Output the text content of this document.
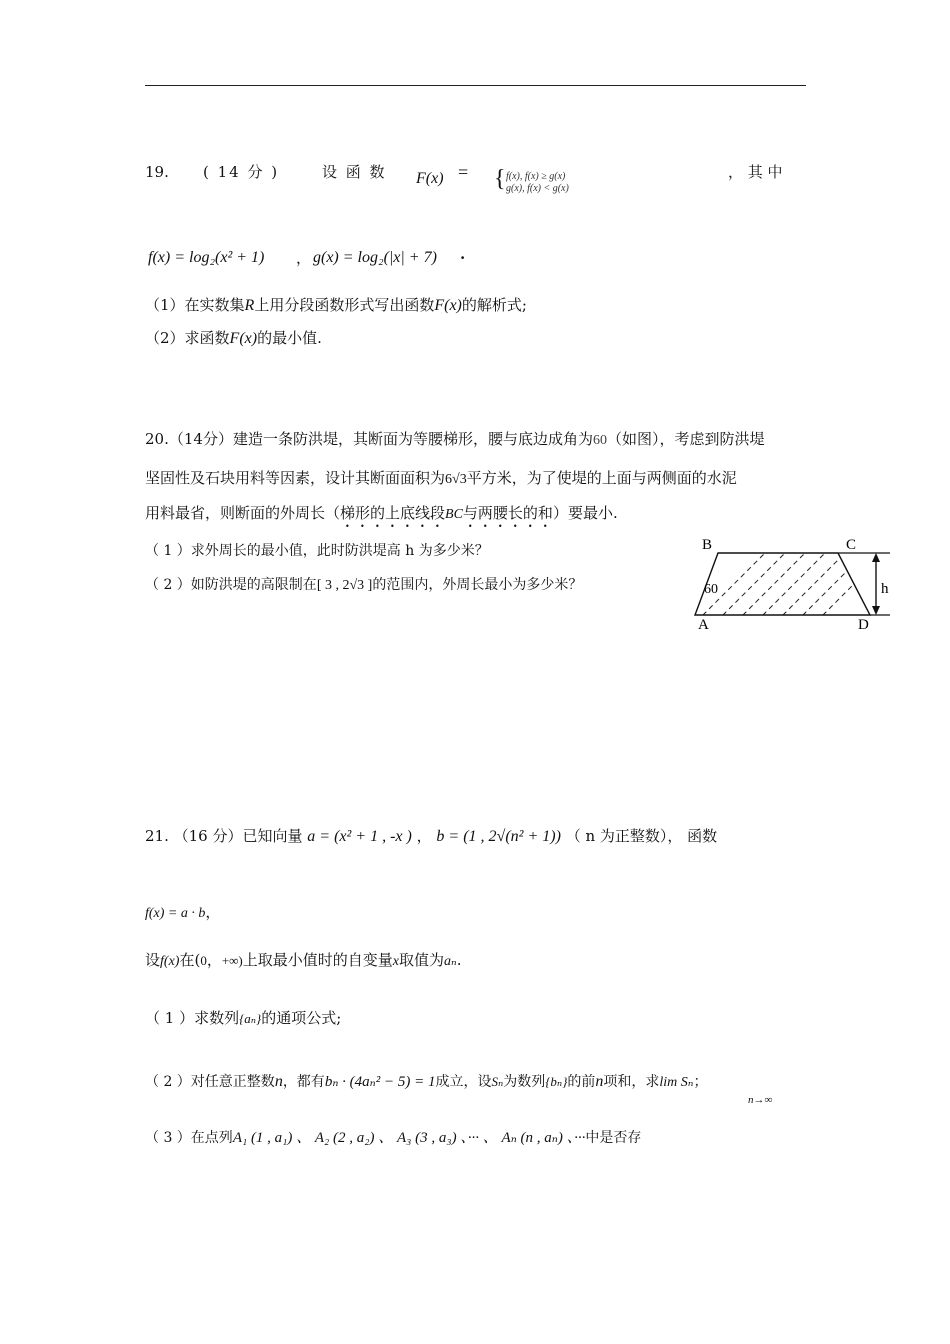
19. ( 14 分 )	设 函 数 F(x) = { f(x), f(x) ≥ g(x)
g(x), f(x) < g(x)
， 其 中
f(x) = log₂(x² + 1) ， g(x) = log₂(|x| + 7) .
（1）在实数集R上用分段函数形式写出函数F(x)的解析式;
（2）求函数F(x)的最小值.
20.（14分）建造一条防洪堤，其断面为等腰梯形，腰与底边成角为60（如图），考虑到防洪堤
坚固性及石块用料等因素，设计其断面面积为6√3平方米，为了使堤的上面与两侧面的水泥
用料最省，则断面的外周长（梯形的上底线段BC与两腰长的和）要最小.
（ 1 ）求外周长的最小值，此时防洪堤高 h 为多少米？
（ 2 ）如防洪堤的高限制在[ 3 , 2√3 ]的范围内，外周长最小为多少米？
B	C
A	D
h
60
21. （16 分）已知向量 a = (x² + 1 , -x ) ， b = (1 , 2√(n² + 1)) （ n 为正整数）， 函数
f(x) = a · b，
设f(x)在(0，+∞)上取最小值时的自变量x取值为aₙ.
（ 1 ）求数列{aₙ}的通项公式;
（ 2 ）对任意正整数n，都有bₙ · (4aₙ² − 5) = 1成立，设Sₙ为数列{bₙ}的前n项和，求lim Sₙ；
n→∞
（ 3 ）在点列A₁ (1 , a₁) 、 A₂ (2 , a₂) 、 A₃ (3 , a₃) 、··· 、 Aₙ (n , aₙ) 、···中是否存
